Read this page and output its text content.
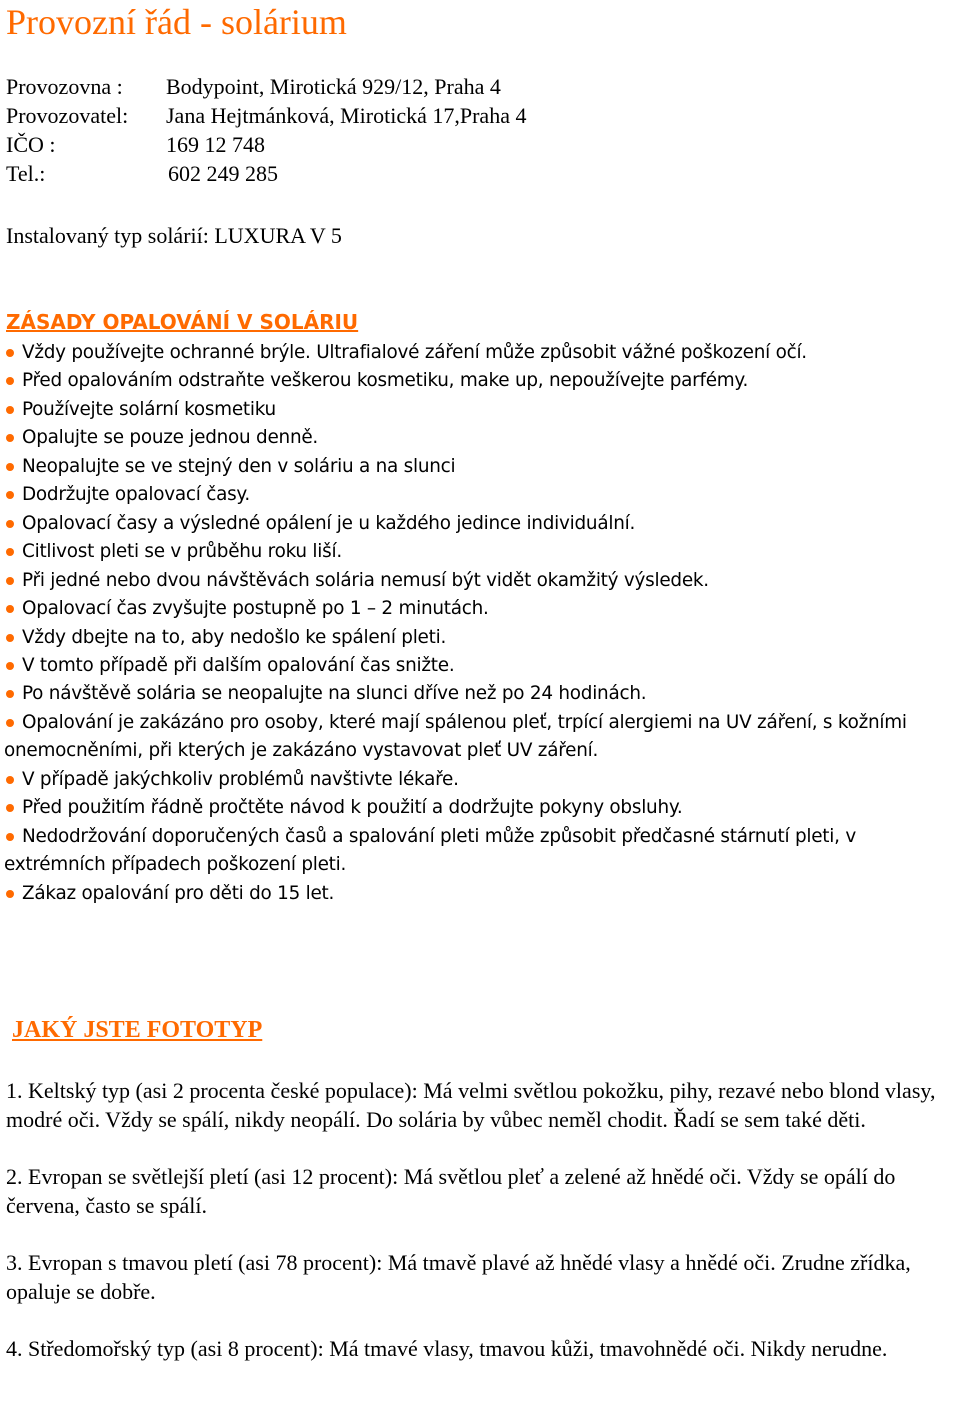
Provozní řád - solárium
Provozovna : Bodypoint, Mirotická 929/12, Praha 4
Provozovatel: Jana Hejtmánková, Mirotická 17,Praha 4
IČO :	169 12 748
Tel.:	602 249 285
Instalovaný typ solárií: LUXURA V 5
ZÁSADY OPALOVÁNÍ V SOLÁRIU
Vždy používejte ochranné brýle. Ultrafialové záření může způsobit vážné poškození očí.
Před opalováním odstraňte veškerou kosmetiku, make up, nepoužívejte parfémy.
Používejte solární kosmetiku
Opalujte se pouze jednou denně.
Neopalujte se ve stejný den v soláriu a na slunci
Dodržujte opalovací časy.
Opalovací časy a výsledné opálení je u každého jedince individuální.
Citlivost pleti se v průběhu roku liší.
Při jedné nebo dvou návštěvách solária nemusí být vidět okamžitý výsledek.
Opalovací čas zvyšujte postupně po 1 – 2 minutách.
Vždy dbejte na to, aby nedošlo ke spálení pleti.
V tomto případě při dalším opalování čas snižte.
Po návštěvě solária se neopalujte na slunci dříve než po 24 hodinách.
Opalování je zakázáno pro osoby, které mají spálenou pleť, trpící alergiemi na UV záření, s kožními onemocněními, při kterých je zakázáno vystavovat pleť UV záření.
V případě jakýchkoliv problémů navštivte lékaře.
Před použitím řádně pročtěte návod k použití a dodržujte pokyny obsluhy.
Nedodržování doporučených časů a spalování pleti může způsobit předčasné stárnutí pleti, v extrémních případech poškození pleti.
Zákaz opalování pro děti do 15 let.
JAKÝ JSTE FOTOTYP

1. Keltský typ (asi 2 procenta české populace): Má velmi světlou pokožku, pihy, rezavé nebo blond vlasy, modré oči. Vždy se spálí, nikdy neopálí. Do solária by vůbec neměl chodit. Řadí se sem také děti.

2. Evropan se světlejší pletí (asi 12 procent): Má světlou pleť a zelené až hnědé oči. Vždy se opálí do červena, často se spálí.

3. Evropan s tmavou pletí (asi 78 procent): Má tmavě plavé až hnědé vlasy a hnědé oči. Zrudne zřídka, opaluje se dobře.

4. Středomořský typ (asi 8 procent): Má tmavé vlasy, tmavou kůži, tmavohnědé oči. Nikdy nerudne.
